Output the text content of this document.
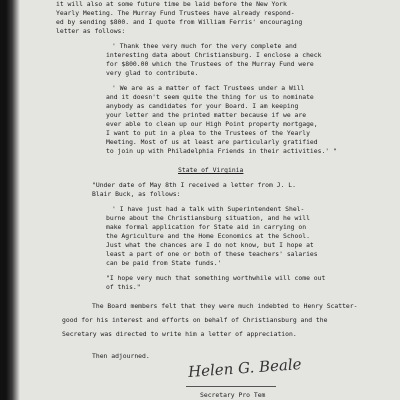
it will also at some future time be laid before the New York
Yearly Meeting. The Murray Fund Trustees have already respond-
ed by sending $800. and I quote from William Ferris' encouraging
letter as follows:
' Thank thee very much for the very complete and
interesting data about Christiansburg. I enclose a check
for $800.00 which the Trustees of the Murray Fund were
very glad to contribute.
' We are as a matter of fact Trustees under a Will
and it doesn't seem quite the thing for us to nominate
anybody as candidates for your Board. I am keeping
your letter and the printed matter because if we are
ever able to clean up our High Point property mortgage,
I want to put in a plea to the Trustees of the Yearly
Meeting. Most of us at least are particularly gratified
to join up with Philadelphia Friends in their activities.' "
State of Virginia
"Under date of May 8th I received a letter from J. L.
Blair Buck, as follows:
' I have just had a talk with Superintendent Shel-
burne about the Christiansburg situation, and he will
make formal application for State aid in carrying on
the Agriculture and the Home Economics at the School.
Just what the chances are I do not know, but I hope at
least a part of one or both of these teachers' salaries
can be paid from State funds.'
"I hope very much that something worthwhile will come out
of this."
The Board members felt that they were much indebted to Henry Scatter-
good for his interest and efforts on behalf of Christiansburg and the
Secretary was directed to write him a letter of appreciation.
Then adjourned.	Helen G. Beale
Secretary Pro Tem
